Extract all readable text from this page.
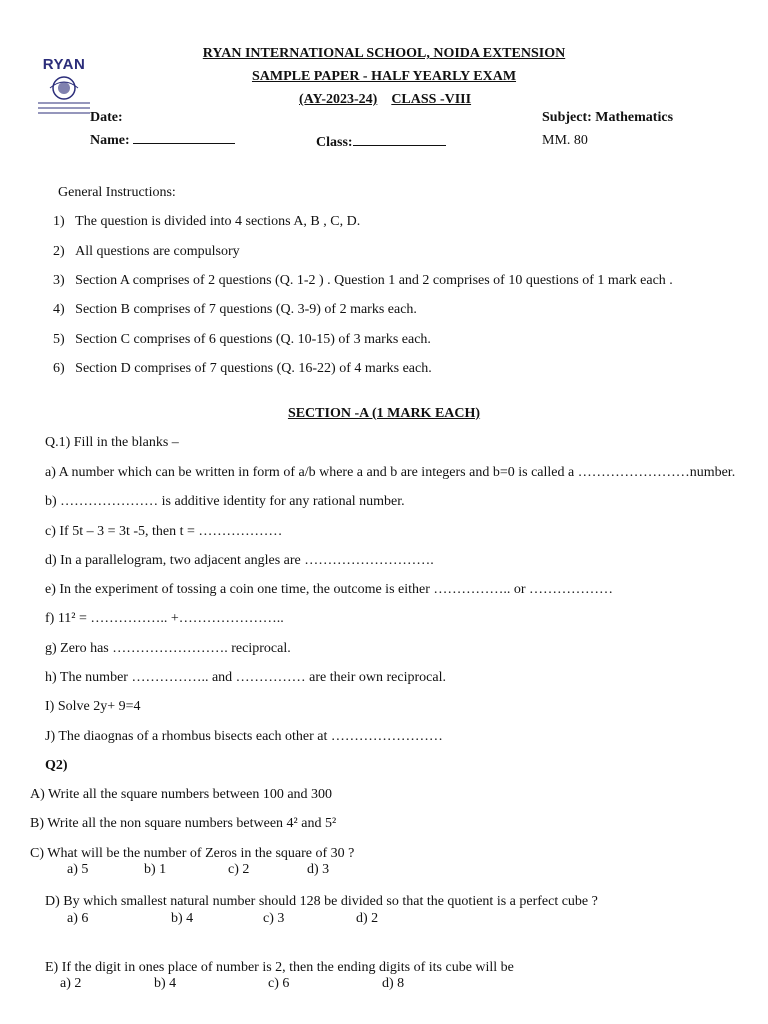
RYAN
RYAN INTERNATIONAL SCHOOL, NOIDA EXTENSION
SAMPLE PAPER - HALF YEARLY EXAM
(AY-2023-24) CLASS -VIII
Date:	Subject: Mathematics
Name:	Class:	MM. 80
General Instructions:
1) The question is divided into 4 sections A, B , C, D.
2) All questions are compulsory
3) Section A comprises of 2 questions (Q. 1-2 ) . Question 1 and 2 comprises of 10 questions of 1 mark each .
4) Section B comprises of 7 questions (Q. 3-9) of 2 marks each.
5) Section C comprises of 6 questions (Q. 10-15) of 3 marks each.
6) Section D comprises of 7 questions (Q. 16-22) of 4 marks each.
SECTION -A (1 MARK EACH)
Q.1) Fill in the blanks –
a) A number which can be written in form of a/b where a and b are integers and b=0 is called a ……………………number.
b) ………………… is additive identity for any rational number.
c) If 5t – 3 = 3t -5, then t = ………………
d) In a parallelogram, two adjacent angles are ……………………….
e) In the experiment of tossing a coin one time, the outcome is either …………….. or ………………
f) 11² = …………….. +…………………..
g) Zero has ……………………. reciprocal.
h) The number …………….. and …………… are their own reciprocal.
I) Solve 2y+ 9=4
J) The diaognas of a rhombus bisects each other at ……………………
Q2)
A) Write all the square numbers between 100 and 300
B) Write all the non square numbers between 4² and 5²
C) What will be the number of Zeros in the square of 30 ?
a) 5	b) 1	c) 2	d) 3
D) By which smallest natural number should 128 be divided so that the quotient is a perfect cube ?
a) 6	b) 4	c) 3	d) 2
E) If the digit in ones place of number is 2, then the ending digits of its cube will be
a) 2	b) 4	c) 6	d) 8
